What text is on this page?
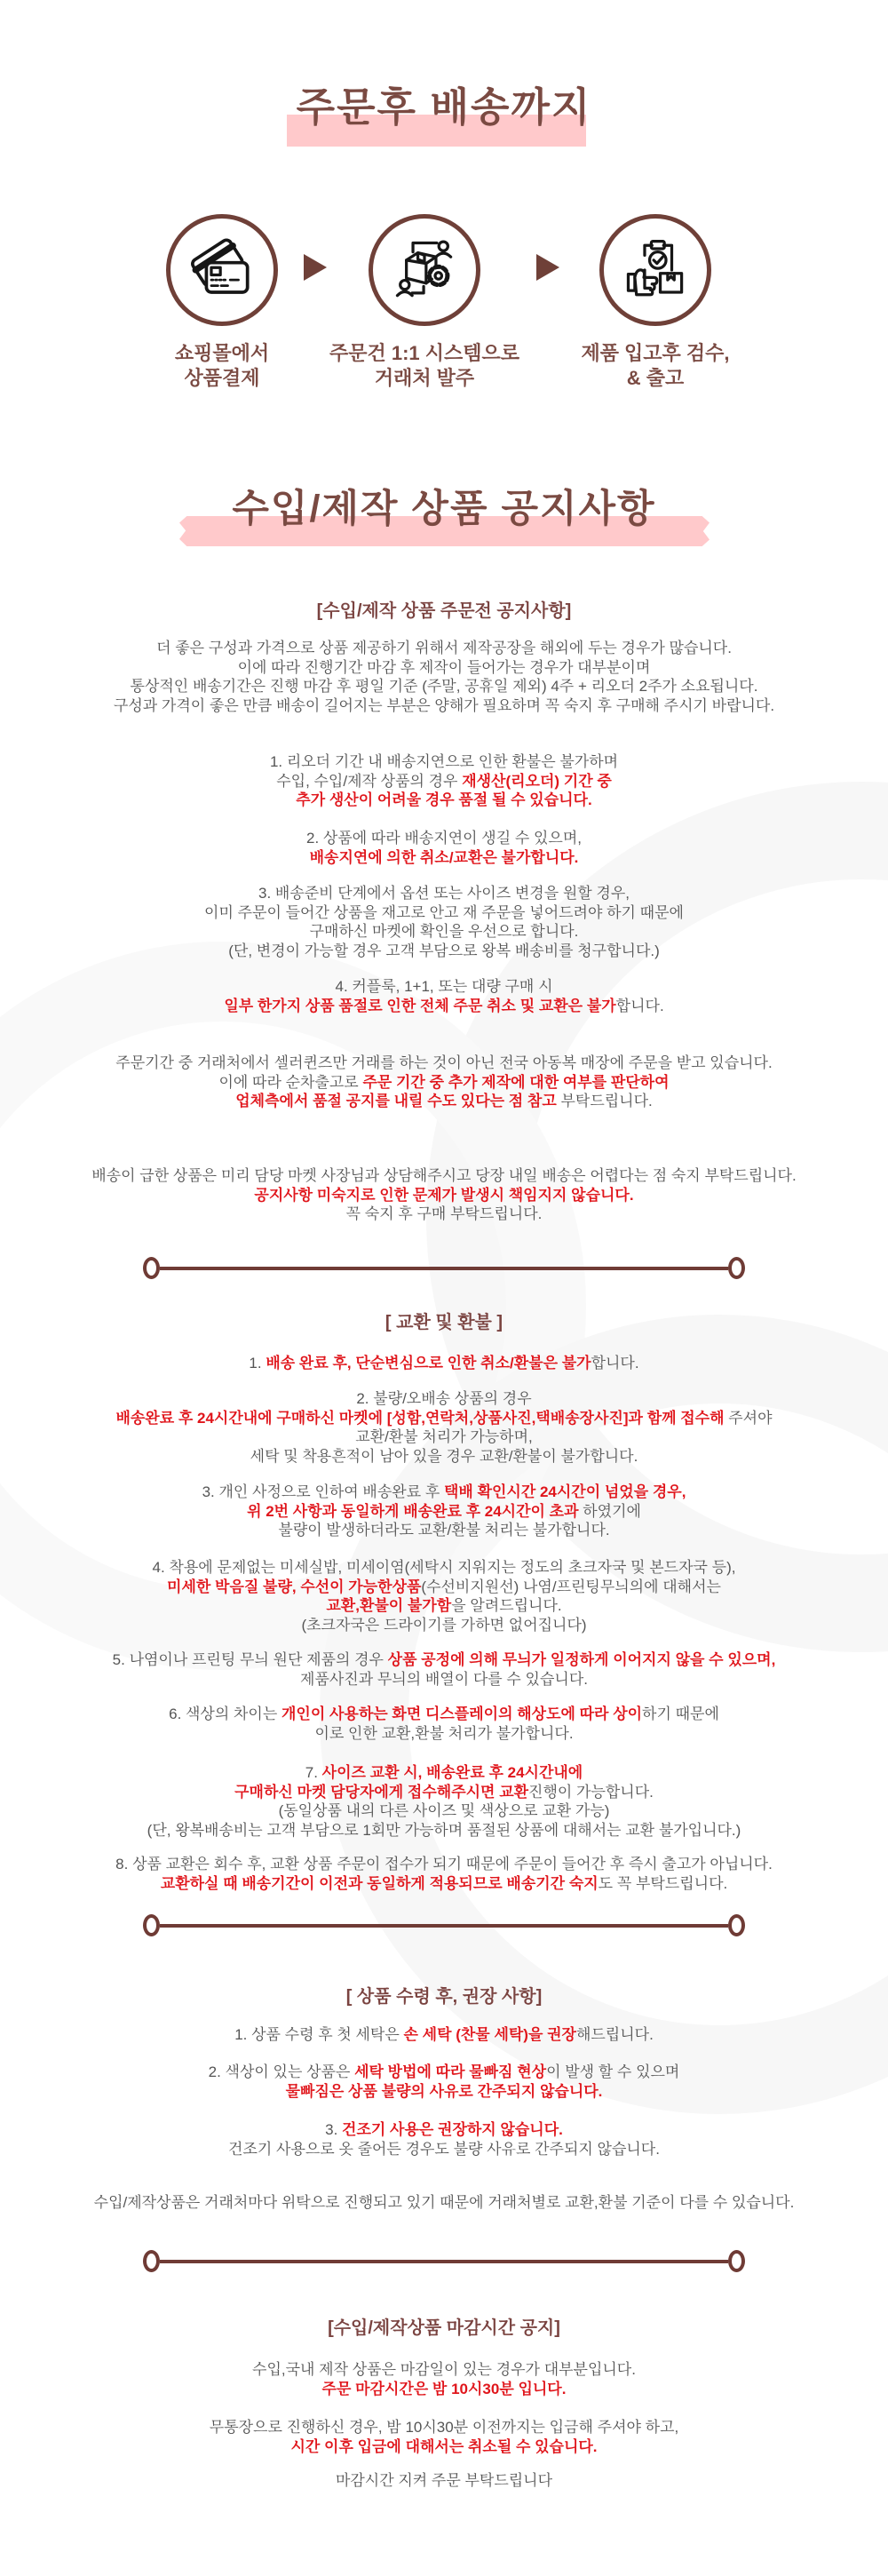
주문후 배송까지
쇼핑몰에서
상품결제
주문건 1:1 시스템으로
거래처 발주
제품 입고후 검수,
& 출고
수입/제작 상품 공지사항
[수입/제작 상품 주문전 공지사항]
더 좋은 구성과 가격으로 상품 제공하기 위해서 제작공장을 해외에 두는 경우가 많습니다.
이에 따라 진행기간 마감 후 제작이 들어가는 경우가 대부분이며
통상적인 배송기간은 진행 마감 후 평일 기준 (주말, 공휴일 제외) 4주 + 리오더 2주가 소요됩니다.
구성과 가격이 좋은 만큼 배송이 길어지는 부분은 양해가 필요하며 꼭 숙지 후 구매해 주시기 바랍니다.
1. 리오더 기간 내 배송지연으로 인한 환불은 불가하며
수입, 수입/제작 상품의 경우 재생산(리오더) 기간 중
추가 생산이 어려울 경우 품절 될 수 있습니다.
2. 상품에 따라 배송지연이 생길 수 있으며,
배송지연에 의한 취소/교환은 불가합니다.
3. 배송준비 단계에서 옵션 또는 사이즈 변경을 원할 경우,
이미 주문이 들어간 상품을 재고로 안고 재 주문을 넣어드려야 하기 때문에
구매하신 마켓에 확인을 우선으로 합니다.
(단, 변경이 가능할 경우 고객 부담으로 왕복 배송비를 청구합니다.)
4. 커플룩, 1+1, 또는 대량 구매 시
일부 한가지 상품 품절로 인한 전체 주문 취소 및 교환은 불가합니다.
주문기간 중 거래처에서 셀러퀸즈만 거래를 하는 것이 아닌 전국 아동복 매장에 주문을 받고 있습니다.
이에 따라 순차출고로 주문 기간 중 추가 제작에 대한 여부를 판단하여
업체측에서 품절 공지를 내릴 수도 있다는 점 참고 부탁드립니다.
배송이 급한 상품은 미리 담당 마켓 사장님과 상담해주시고 당장 내일 배송은 어렵다는 점 숙지 부탁드립니다.
공지사항 미숙지로 인한 문제가 발생시 책임지지 않습니다.
꼭 숙지 후 구매 부탁드립니다.
[ 교환 및 환불 ]
1. 배송 완료 후, 단순변심으로 인한 취소/환불은 불가합니다.
2. 불량/오배송 상품의 경우
배송완료 후 24시간내에 구매하신 마켓에 [성함,연락처,상품사진,택배송장사진]과 함께 접수해 주셔야
교환/환불 처리가 가능하며,
세탁 및 착용흔적이 남아 있을 경우 교환/환불이 불가합니다.
3. 개인 사정으로 인하여 배송완료 후 택배 확인시간 24시간이 넘었을 경우,
위 2번 사항과 동일하게 배송완료 후 24시간이 초과 하였기에
불량이 발생하더라도 교환/환불 처리는 불가합니다.
4. 착용에 문제없는 미세실밥, 미세이염(세탁시 지워지는 정도의 초크자국 및 본드자국 등),
미세한 박음질 불량, 수선이 가능한상품(수선비지원선) 나염/프린팅무늬의에 대해서는
교환,환불이 불가함을 알려드립니다.
(초크자국은 드라이기를 가하면 없어집니다)
5. 나염이나 프린팅 무늬 원단 제품의 경우 상품 공정에 의해 무늬가 일정하게 이어지지 않을 수 있으며,
제품사진과 무늬의 배열이 다를 수 있습니다.
6. 색상의 차이는 개인이 사용하는 화면 디스플레이의 해상도에 따라 상이하기 때문에
이로 인한 교환,환불 처리가 불가합니다.
7. 사이즈 교환 시, 배송완료 후 24시간내에
구매하신 마켓 담당자에게 접수해주시면 교환진행이 가능합니다.
(동일상품 내의 다른 사이즈 및 색상으로 교환 가능)
(단, 왕복배송비는 고객 부담으로 1회만 가능하며 품절된 상품에 대해서는 교환 불가입니다.)
8. 상품 교환은 회수 후, 교환 상품 주문이 접수가 되기 때문에 주문이 들어간 후 즉시 출고가 아닙니다.
교환하실 때 배송기간이 이전과 동일하게 적용되므로 배송기간 숙지도 꼭 부탁드립니다.
[ 상품 수령 후, 권장 사항]
1. 상품 수령 후 첫 세탁은 손 세탁 (찬물 세탁)을 권장해드립니다.
2. 색상이 있는 상품은 세탁 방법에 따라 물빠짐 현상이 발생 할 수 있으며
물빠짐은 상품 불량의 사유로 간주되지 않습니다.
3. 건조기 사용은 권장하지 않습니다.
건조기 사용으로 옷 줄어든 경우도 불량 사유로 간주되지 않습니다.
수입/제작상품은 거래처마다 위탁으로 진행되고 있기 때문에 거래처별로 교환,환불 기준이 다를 수 있습니다.
[수입/제작상품 마감시간 공지]
수입,국내 제작 상품은 마감일이 있는 경우가 대부분입니다.
주문 마감시간은 밤 10시30분 입니다.
무통장으로 진행하신 경우, 밤 10시30분 이전까지는 입금해 주셔야 하고,
시간 이후 입금에 대해서는 취소될 수 있습니다.
마감시간 지켜 주문 부탁드립니다
